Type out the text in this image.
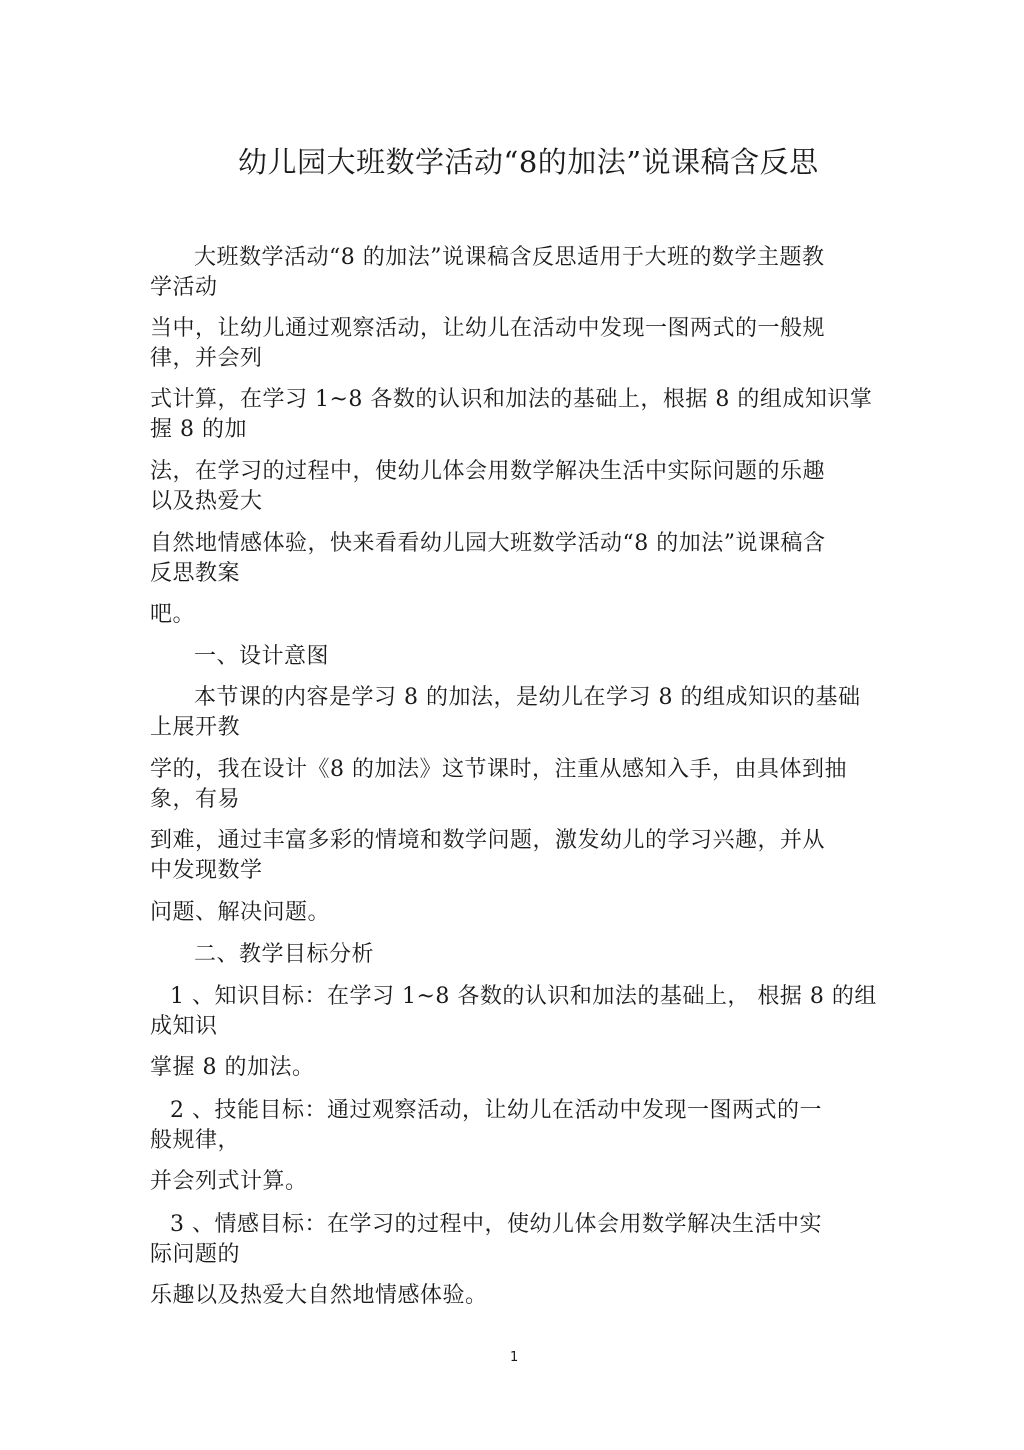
幼儿园大班数学活动“8的加法”说课稿含反思
大班数学活动“8 的加法”说课稿含反思适用于大班的数学主题教
学活动
当中，让幼儿通过观察活动，让幼儿在活动中发现一图两式的一般规
律，并会列
式计算，在学习 1~8 各数的认识和加法的基础上，根据 8 的组成知识掌
握 8 的加
法，在学习的过程中，使幼儿体会用数学解决生活中实际问题的乐趣
以及热爱大
自然地情感体验，快来看看幼儿园大班数学活动“8 的加法”说课稿含
反思教案
吧。
一、设计意图
本节课的内容是学习 8 的加法，是幼儿在学习 8 的组成知识的基础
上展开教
学的，我在设计《8 的加法》这节课时，注重从感知入手，由具体到抽
象，有易
到难，通过丰富多彩的情境和数学问题，激发幼儿的学习兴趣，并从
中发现数学
问题、解决问题。
二、教学目标分析
1 、知识目标：在学习 1~8 各数的认识和加法的基础上， 根据 8 的组
成知识
掌握 8 的加法。
2 、技能目标：通过观察活动，让幼儿在活动中发现一图两式的一
般规律，
并会列式计算。
3 、情感目标：在学习的过程中，使幼儿体会用数学解决生活中实
际问题的
乐趣以及热爱大自然地情感体验。
1
